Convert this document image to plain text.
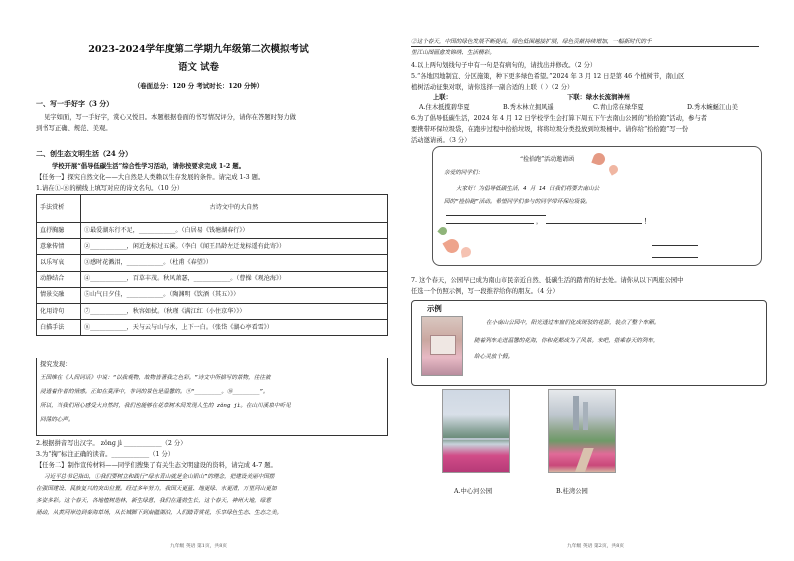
2023-2024学年度第二学期九年级第二次模拟考试
语文 试卷
（卷面总分：120 分 考试时长：120 分钟）
一、写一手好字（3 分）
见字如面，写一手好字，赏心又悦目。本题根据卷面的书写情况评分，请你在答题时努力做
到书写正确、规范、美观。
二、创生态文明生活（24 分）
学校开展“倡导低碳生活”综合性学习活动，请你按要求完成 1-2 题。
【任务一】探究自然文化——大自然是人类赖以生存发展的条件。请完成 1-3 题。
1.请在①-⑧的横线上填写对应的诗文名句。（10 分）
手法赏析	古诗文中的大自然
直抒胸臆	①最爱湖东行不足，____________。（白居易《钱塘湖春行》）
意象传情	②____________，闲近龙标过五溪。（李白《闻王昌龄左迁龙标遥有此寄》）
以乐写哀	③感时花溅泪，____________。（杜甫《春望》）
动静结合	④____________，百草丰茂。秋风萧瑟，____________。（曹操《观沧海》）
情景交融	⑤山气日夕佳，____________。（陶渊明《饮酒（其五）》）
化用诗句	⑦____________，秋容如拭。（秋瑾《满江红（小住京华）》）
白描手法	⑧____________，天与云与山与水，上下一白。（张岱《湖心亭看雪》）
探究发现：
王国维在《人间词话》中说：“以我观物，故物皆著我之色彩。”诗文中所描写的景物，往往被
浸透着作者的情感。正如在莫泽中，非词的景色是温馨的。⑨“________。⑩________”。
所以，当我们用心感受大自然时，我们也能够在花草树木间发现人生的 zǒnɡ jì。在山川溪泉中听见
回荡的心声。
2.根据拼音写出汉字。 zǒnɡ jì ____________（2 分）
3.为“掬”标注正确的读音。____________（1 分）
【任务二】制作宣传材料——同学们搜集了有关生态文明建设的资料，请完成 4-7 题。
习近平总书记指出，①我们要树立和践行“绿水青山就是金山银山”的理念，把建设美丽中国摆
在强国建设、民族复兴的突出位置。经过多年努力，我国天更蓝、地更绿、水更清，万里河山更加
多姿多彩。这个春天，各地植树造林，新生绿意，我们在蓬勃生长，这个春天，神州大地，绿意
涌动，从黄河岸边到秦海草场，从长城脚下到南疆湖泊，人们踏青赏花，乐享绿色生态、生态之美。
九年级 英语 第1页，共8页
②这个春天，中国的绿色发展不断提高，绿色低围越接扩展，绿色贡献持续增加，一幅新时代的千
里江山图画愈发锦绣、生活精彩。
4.以上两句划线句子中有一句是有病句的，请找出并修改。（2 分）
5.“各地因地制宜、分区施策，种下更多绿色希望。”2024 年 3 月 12 日是第 46 个植树节，南山区
植树活动征集对联，请你选择一副合适的上联（ ）（2 分）
下联：绿水长流润神州
上联：
A.住木抵揽碧华夏	B.秀木林立拥风遥	C.青山常在绿华夏	D.秀木蜿蜒江山美
6.为了倡导低碳生活，2024 年 4 月 12 日学校学生会打算下周五下午去南山公园的“拾拾跑”活动，参与者
要携带环保垃圾袋，在跑步过程中拾拾垃圾，将将垃圾分类投放到垃圾桶中。请你给“拾拾跑”写一份
活动邀请函。（3 分）
九年级 英语 第2页，共8页
“捡拾跑”活动邀请函
亲爱的同学们：
大家好！为倡导低碳生活，4 月 14 日我们将要去南山公
园的“捡拾跑”活动。希望同学们参与的同学带环保垃圾袋。
，	！
7. 这个春天，公园早已成为南山市民亲近自然、低碳生活的踏青的好去处。请你从以下两座公园中
任选一个仿照示例，写一段推荐给你的朋友。（4 分）
示例
在小南山公园中，阳光透过车窗们化成斑驳的花影，装点了整个车厢。
随着列车走进温馨的花海，你和花都成为了风景。来吧，搭乘春天的列车，
给心灵放个假。
A.中心河公园	B.桂湾公园
